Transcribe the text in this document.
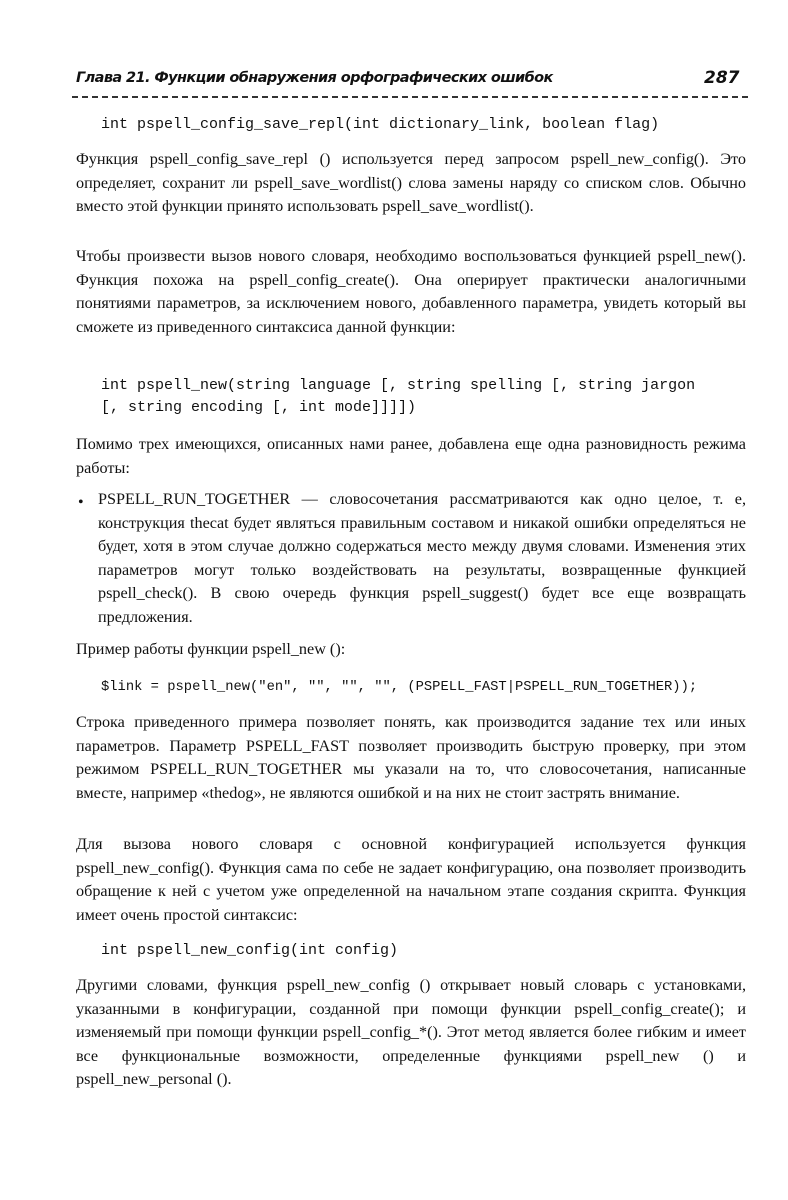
Глава 21. Функции обнаружения орфографических ошибок	287
int pspell_config_save_repl(int dictionary_link, boolean flag)

Функция pspell_config_save_repl () используется перед запросом pspell_new_config(). Это определяет, сохранит ли pspell_save_wordlist() слова замены наряду со списком слов. Обычно вместо этой функции принято использовать pspell_save_wordlist().

Чтобы произвести вызов нового словаря, необходимо воспользоваться функцией pspell_new(). Функция похожа на pspell_config_create(). Она оперирует практически аналогичными понятиями параметров, за исключением нового, добавленного параметра, увидеть который вы сможете из приведенного синтаксиса данной функции:

int pspell_new(string language [, string spelling [, string jargon
[, string encoding [, int mode]]]])

Помимо трех имеющихся, описанных нами ранее, добавлена еще одна разновидность режима работы:

• PSPELL_RUN_TOGETHER — словосочетания рассматриваются как одно целое, т. е, конструкция thecat будет являться правильным составом и никакой ошибки определяться не будет, хотя в этом случае должно содержаться место между двумя словами. Изменения этих параметров могут только воздействовать на результаты, возвращенные функцией pspell_check(). В свою очередь функция pspell_suggest() будет все еще возвращать предложения.

Пример работы функции pspell_new ():

$link = pspell_new("en", "", "", "", (PSPELL_FAST|PSPELL_RUN_TOGETHER));

Строка приведенного примера позволяет понять, как производится задание тех или иных параметров. Параметр PSPELL_FAST позволяет производить быструю проверку, при этом режимом PSPELL_RUN_TOGETHER мы указали на то, что словосочетания, написанные вместе, например «thedog», не являются ошибкой и на них не стоит застрять внимание.

Для вызова нового словаря с основной конфигурацией используется функция pspell_new_config(). Функция сама по себе не задает конфигурацию, она позволяет производить обращение к ней с учетом уже определенной на начальном этапе создания скрипта. Функция имеет очень простой синтаксис:

int pspell_new_config(int config)

Другими словами, функция pspell_new_config () открывает новый словарь с установками, указанными в конфигурации, созданной при помощи функции pspell_config_create(); и изменяемый при помощи функции pspell_config_*(). Этот метод является более гибким и имеет все функциональные возможности, определенные функциями pspell_new () и pspell_new_personal ().
